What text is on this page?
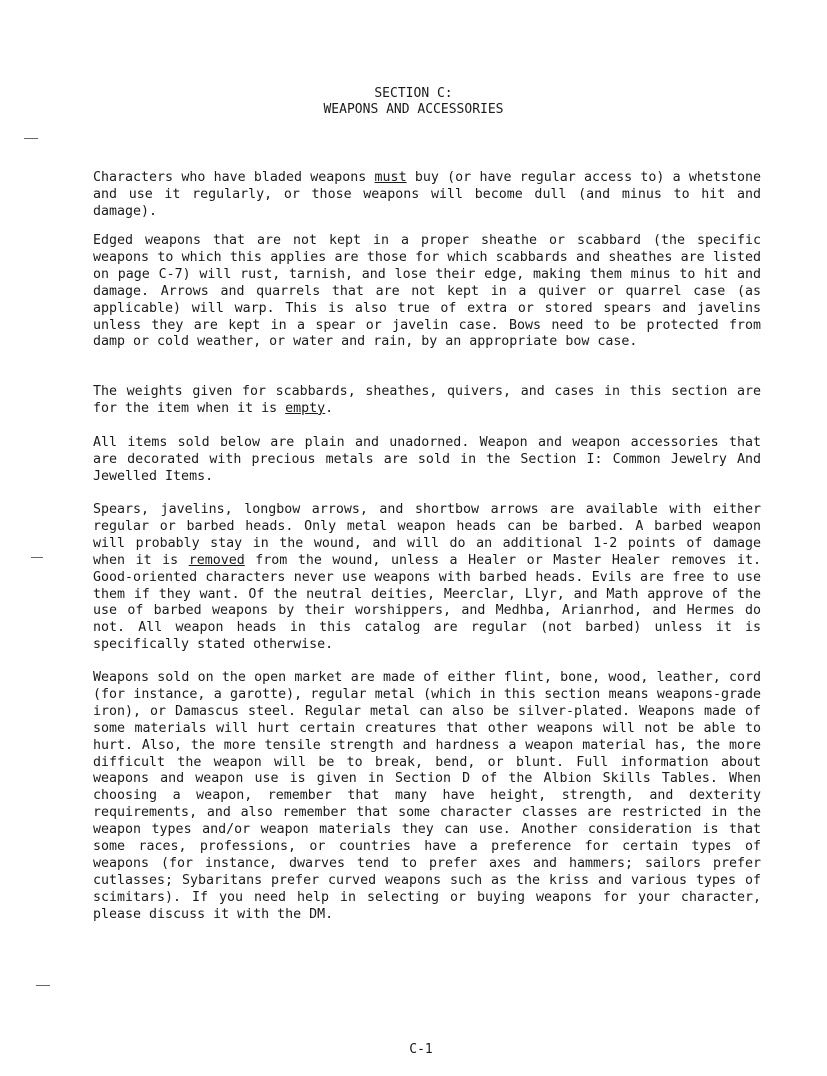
SECTION C:
WEAPONS AND ACCESSORIES
Characters who have bladed weapons must buy (or have regular access to) a whetstone and use it regularly, or those weapons will become dull (and minus to hit and damage).
Edged weapons that are not kept in a proper sheathe or scabbard (the specific weapons to which this applies are those for which scabbards and sheathes are listed on page C-7) will rust, tarnish, and lose their edge, making them minus to hit and damage. Arrows and quarrels that are not kept in a quiver or quarrel case (as applicable) will warp. This is also true of extra or stored spears and javelins unless they are kept in a spear or javelin case. Bows need to be protected from damp or cold weather, or water and rain, by an appropriate bow case.
The weights given for scabbards, sheathes, quivers, and cases in this section are for the item when it is empty.
All items sold below are plain and unadorned. Weapon and weapon accessories that are decorated with precious metals are sold in the Section I: Common Jewelry And Jewelled Items.
Spears, javelins, longbow arrows, and shortbow arrows are available with either regular or barbed heads. Only metal weapon heads can be barbed. A barbed weapon will probably stay in the wound, and will do an additional 1-2 points of damage when it is removed from the wound, unless a Healer or Master Healer removes it. Good-oriented characters never use weapons with barbed heads. Evils are free to use them if they want. Of the neutral deities, Meerclar, Llyr, and Math approve of the use of barbed weapons by their worshippers, and Medhba, Arianrhod, and Hermes do not. All weapon heads in this catalog are regular (not barbed) unless it is specifically stated otherwise.
Weapons sold on the open market are made of either flint, bone, wood, leather, cord (for instance, a garotte), regular metal (which in this section means weapons-grade iron), or Damascus steel. Regular metal can also be silver-plated. Weapons made of some materials will hurt certain creatures that other weapons will not be able to hurt. Also, the more tensile strength and hardness a weapon material has, the more difficult the weapon will be to break, bend, or blunt. Full information about weapons and weapon use is given in Section D of the Albion Skills Tables. When choosing a weapon, remember that many have height, strength, and dexterity requirements, and also remember that some character classes are restricted in the weapon types and/or weapon materials they can use. Another consideration is that some races, professions, or countries have a preference for certain types of weapons (for instance, dwarves tend to prefer axes and hammers; sailors prefer cutlasses; Sybaritans prefer curved weapons such as the kriss and various types of scimitars). If you need help in selecting or buying weapons for your character, please discuss it with the DM.
C-1
